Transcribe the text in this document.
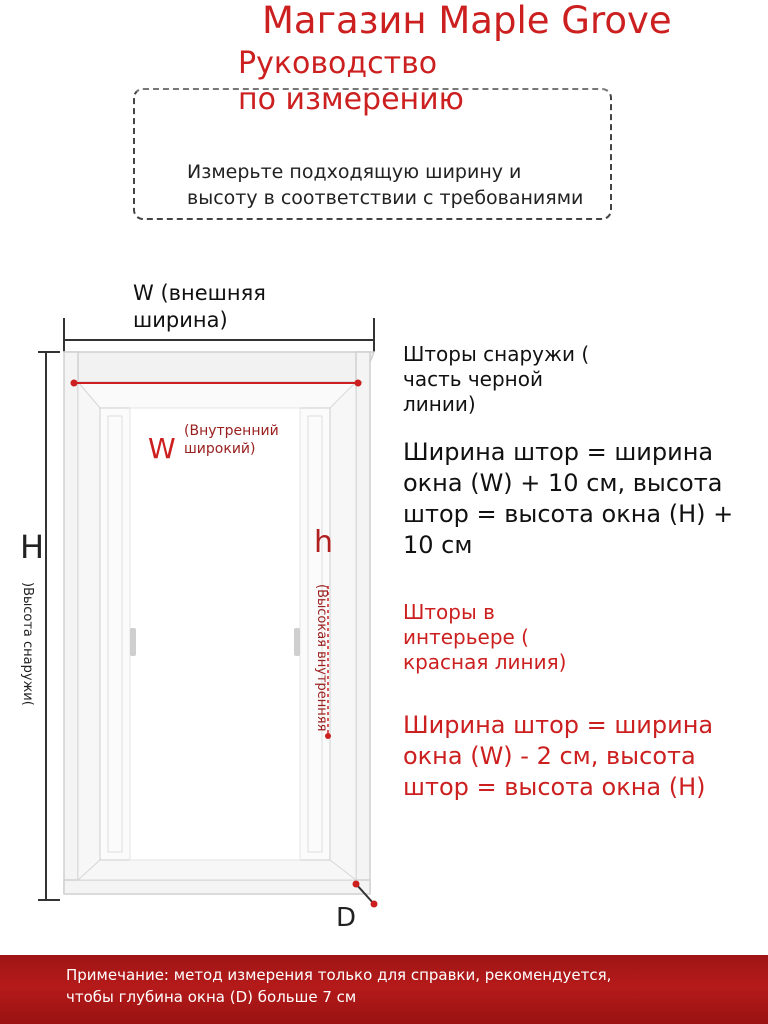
Магазин Maple Grove
Руководство
по измерению
Измерьте подходящую ширину и
высоту в соответствии с требованиями
H
W
h
D
)Высота снаружи(	(Высокая внутренняя
W (внешняя
ширина)
(Внутренний
широкий)
Шторы снаружи (
часть черной
линии)
Ширина штор = ширина
окна (W) + 10 см, высота
штор = высота окна (H) +
10 см
Шторы в
интерьере (
красная линия)
Ширина штор = ширина
окна (W) - 2 см, высота
штор = высота окна (H)
Примечание: метод измерения только для справки, рекомендуется,
чтобы глубина окна (D) больше 7 см
